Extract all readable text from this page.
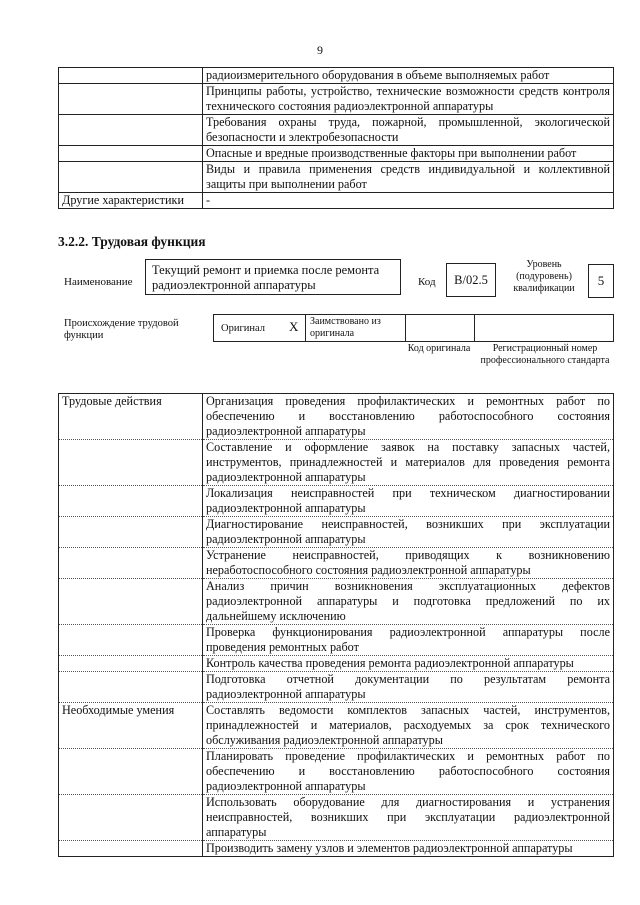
9
	радиоизмерительного оборудования в объеме выполняемых работ
	Принципы работы, устройство, технические возможности средств контроля технического состояния радиоэлектронной аппаратуры
	Требования охраны труда, пожарной, промышленной, экологической безопасности и электробезопасности
	Опасные и вредные производственные факторы при выполнении работ
	Виды и правила применения средств индивидуальной и коллективной защиты при выполнении работ
Другие характеристики	-
3.2.2. Трудовая функция
Наименование
Текущий ремонт и приемка после ремонта радиоэлектронной аппаратуры	Код	B/02.5
Уровень (подуровень) квалификации
5
Происхождение трудовой функции
Оригинал X Заимствовано из оригинала
Код оригинала	Регистрационный номер профессионального стандарта
Трудовые действия	Организация проведения профилактических и ремонтных работ по обеспечению и восстановлению работоспособного состояния радиоэлектронной аппаратуры
	Составление и оформление заявок на поставку запасных частей, инструментов, принадлежностей и материалов для проведения ремонта радиоэлектронной аппаратуры
	Локализация неисправностей при техническом диагностировании радиоэлектронной аппаратуры
	Диагностирование неисправностей, возникших при эксплуатации радиоэлектронной аппаратуры
	Устранение неисправностей, приводящих к возникновению неработоспособного состояния радиоэлектронной аппаратуры
	Анализ причин возникновения эксплуатационных дефектов радиоэлектронной аппаратуры и подготовка предложений по их дальнейшему исключению
	Проверка функционирования радиоэлектронной аппаратуры после проведения ремонтных работ
	Контроль качества проведения ремонта радиоэлектронной аппаратуры
	Подготовка отчетной документации по результатам ремонта радиоэлектронной аппаратуры
Необходимые умения	Составлять ведомости комплектов запасных частей, инструментов, принадлежностей и материалов, расходуемых за срок технического обслуживания радиоэлектронной аппаратуры
	Планировать проведение профилактических и ремонтных работ по обеспечению и восстановлению работоспособного состояния радиоэлектронной аппаратуры
	Использовать оборудование для диагностирования и устранения неисправностей, возникших при эксплуатации радиоэлектронной аппаратуры
	Производить замену узлов и элементов радиоэлектронной аппаратуры
